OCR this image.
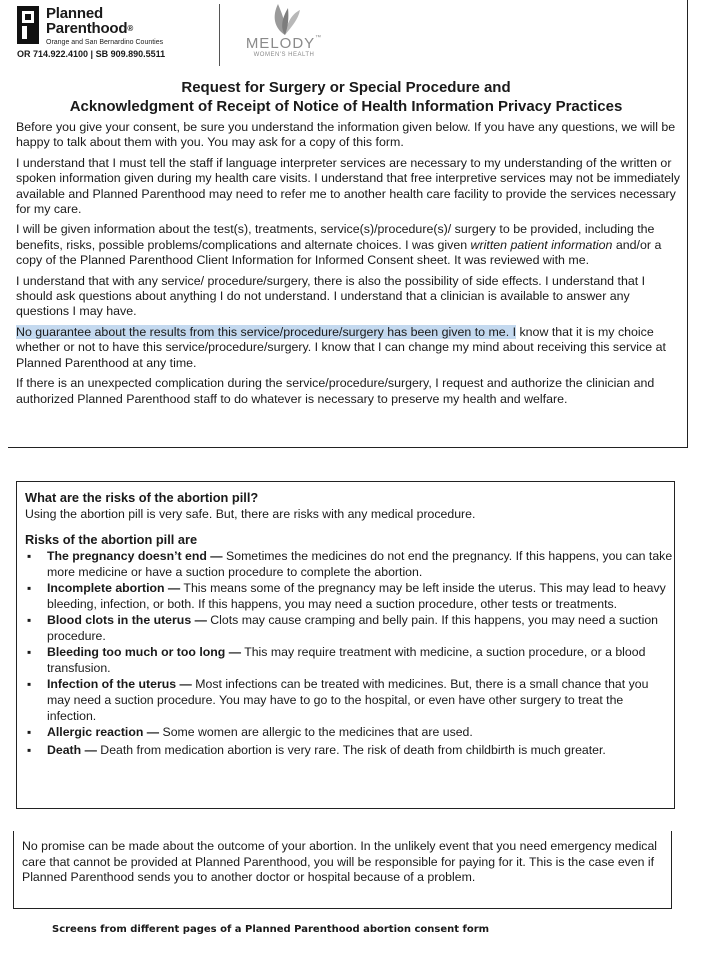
Planned
Parenthood®
Orange and San Bernardino Counties
OR 714.922.4100 | SB 909.890.5511
MELODY™
WOMEN'S HEALTH
Request for Surgery or Special Procedure and
Acknowledgment of Receipt of Notice of Health Information Privacy Practices

Before you give your consent, be sure you understand the information given below. If you have any questions, we will be happy to talk about them with you. You may ask for a copy of this form.

I understand that I must tell the staff if language interpreter services are necessary to my understanding of the written or spoken information given during my health care visits. I understand that free interpretive services may not be immediately available and Planned Parenthood may need to refer me to another health care facility to provide the services necessary for my care.

I will be given information about the test(s), treatments, service(s)/procedure(s)/ surgery to be provided, including the benefits, risks, possible problems/complications and alternate choices. I was given written patient information and/or a copy of the Planned Parenthood Client Information for Informed Consent sheet. It was reviewed with me.

I understand that with any service/ procedure/surgery, there is also the possibility of side effects. I understand that I should ask questions about anything I do not understand. I understand that a clinician is available to answer any questions I may have.

No guarantee about the results from this service/procedure/surgery has been given to me. I know that it is my choice whether or not to have this service/procedure/surgery. I know that I can change my mind about receiving this service at Planned Parenthood at any time.

If there is an unexpected complication during the service/procedure/surgery, I request and authorize the clinician and authorized Planned Parenthood staff to do whatever is necessary to preserve my health and welfare.

What are the risks of the abortion pill?
Using the abortion pill is very safe. But, there are risks with any medical procedure.
Risks of the abortion pill are
▪ The pregnancy doesn’t end — Sometimes the medicines do not end the pregnancy. If this happens, you can take more medicine or have a suction procedure to complete the abortion.
▪ Incomplete abortion — This means some of the pregnancy may be left inside the uterus. This may lead to heavy bleeding, infection, or both. If this happens, you may need a suction procedure, other tests or treatments.
▪ Blood clots in the uterus — Clots may cause cramping and belly pain. If this happens, you may need a suction procedure.
▪ Bleeding too much or too long — This may require treatment with medicine, a suction procedure, or a blood transfusion.
▪ Infection of the uterus — Most infections can be treated with medicines. But, there is a small chance that you may need a suction procedure. You may have to go to the hospital, or even have other surgery to treat the infection.
▪ Allergic reaction — Some women are allergic to the medicines that are used.
▪ Death — Death from medication abortion is very rare. The risk of death from childbirth is much greater.
No promise can be made about the outcome of your abortion. In the unlikely event that you need emergency medical care that cannot be provided at Planned Parenthood, you will be responsible for paying for it. This is the case even if Planned Parenthood sends you to another doctor or hospital because of a problem.
Screens from different pages of a Planned Parenthood abortion consent form
